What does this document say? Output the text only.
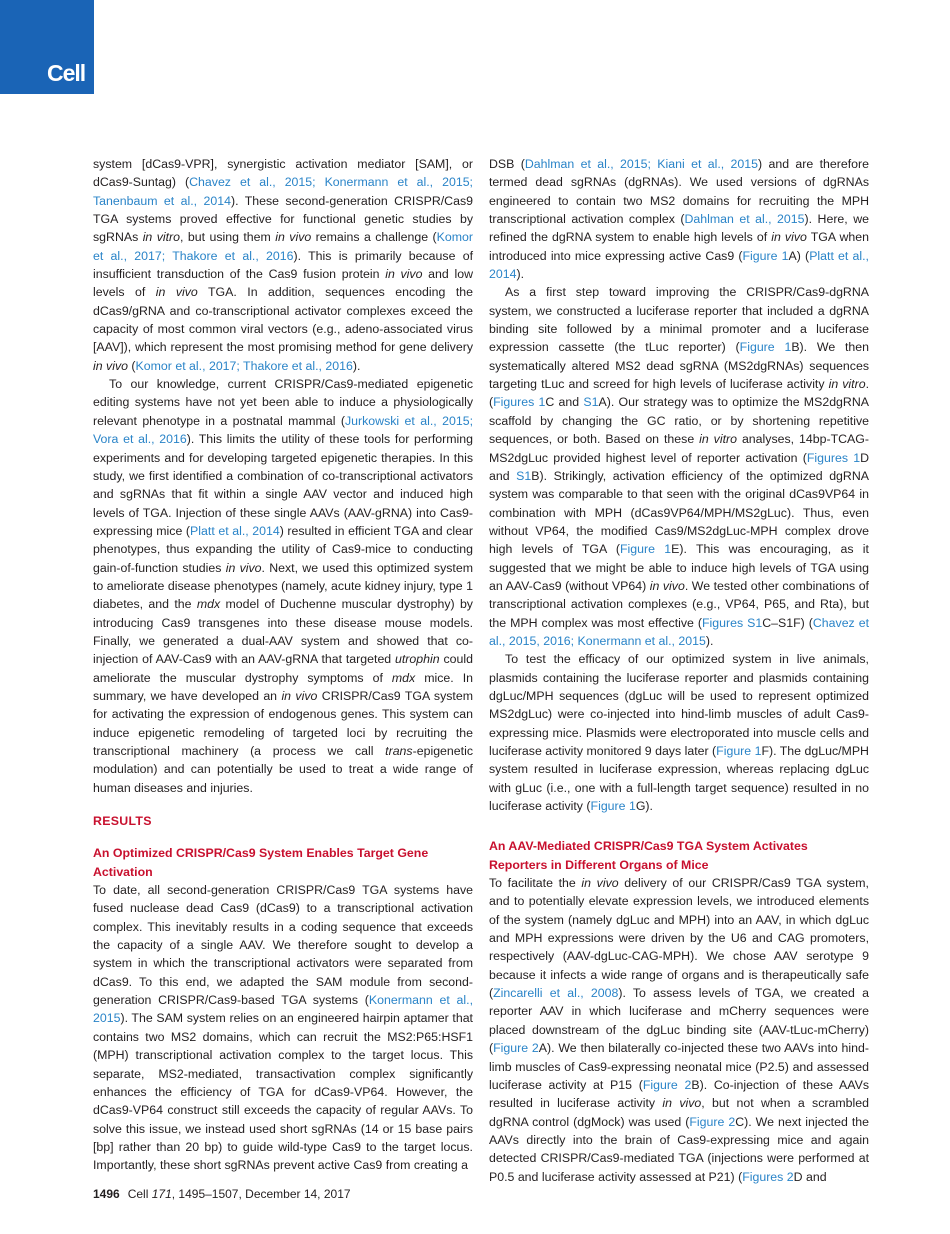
Cell

system [dCas9-VPR], synergistic activation mediator [SAM], or dCas9-Suntag) (Chavez et al., 2015; Konermann et al., 2015; Tanenbaum et al., 2014). These second-generation CRISPR/Cas9 TGA systems proved effective for functional genetic studies by sgRNAs in vitro, but using them in vivo remains a challenge (Komor et al., 2017; Thakore et al., 2016). This is primarily because of insufficient transduction of the Cas9 fusion protein in vivo and low levels of in vivo TGA. In addition, sequences encoding the dCas9/gRNA and co-transcriptional activator complexes exceed the capacity of most common viral vectors (e.g., adeno-associated virus [AAV]), which represent the most promising method for gene delivery in vivo (Komor et al., 2017; Thakore et al., 2016).

To our knowledge, current CRISPR/Cas9-mediated epigenetic editing systems have not yet been able to induce a physiologically relevant phenotype in a postnatal mammal (Jurkowski et al., 2015; Vora et al., 2016). This limits the utility of these tools for performing experiments and for developing targeted epigenetic therapies. In this study, we first identified a combination of co-transcriptional activators and sgRNAs that fit within a single AAV vector and induced high levels of TGA. Injection of these single AAVs (AAV-gRNA) into Cas9-expressing mice (Platt et al., 2014) resulted in efficient TGA and clear phenotypes, thus expanding the utility of Cas9-mice to conducting gain-of-function studies in vivo. Next, we used this optimized system to ameliorate disease phenotypes (namely, acute kidney injury, type 1 diabetes, and the mdx model of Duchenne muscular dystrophy) by introducing Cas9 transgenes into these disease mouse models. Finally, we generated a dual-AAV system and showed that co-injection of AAV-Cas9 with an AAV-gRNA that targeted utrophin could ameliorate the muscular dystrophy symptoms of mdx mice. In summary, we have developed an in vivo CRISPR/Cas9 TGA system for activating the expression of endogenous genes. This system can induce epigenetic remodeling of targeted loci by recruiting the transcriptional machinery (a process we call trans-epigenetic modulation) and can potentially be used to treat a wide range of human diseases and injuries.

RESULTS
An Optimized CRISPR/Cas9 System Enables Target Gene Activation

To date, all second-generation CRISPR/Cas9 TGA systems have fused nuclease dead Cas9 (dCas9) to a transcriptional activation complex. This inevitably results in a coding sequence that exceeds the capacity of a single AAV. We therefore sought to develop a system in which the transcriptional activators were separated from dCas9. To this end, we adapted the SAM module from second-generation CRISPR/Cas9-based TGA systems (Konermann et al., 2015). The SAM system relies on an engineered hairpin aptamer that contains two MS2 domains, which can recruit the MS2:P65:HSF1 (MPH) transcriptional activation complex to the target locus. This separate, MS2-mediated, transactivation complex significantly enhances the efficiency of TGA for dCas9-VP64. However, the dCas9-VP64 construct still exceeds the capacity of regular AAVs. To solve this issue, we instead used short sgRNAs (14 or 15 base pairs [bp] rather than 20 bp) to guide wild-type Cas9 to the target locus. Importantly, these short sgRNAs prevent active Cas9 from creating a

DSB (Dahlman et al., 2015; Kiani et al., 2015) and are therefore termed dead sgRNAs (dgRNAs). We used versions of dgRNAs engineered to contain two MS2 domains for recruiting the MPH transcriptional activation complex (Dahlman et al., 2015). Here, we refined the dgRNA system to enable high levels of in vivo TGA when introduced into mice expressing active Cas9 (Figure 1A) (Platt et al., 2014).

As a first step toward improving the CRISPR/Cas9-dgRNA system, we constructed a luciferase reporter that included a dgRNA binding site followed by a minimal promoter and a luciferase expression cassette (the tLuc reporter) (Figure 1B). We then systematically altered MS2 dead sgRNA (MS2dgRNAs) sequences targeting tLuc and screed for high levels of luciferase activity in vitro. (Figures 1C and S1A). Our strategy was to optimize the MS2dgRNA scaffold by changing the GC ratio, or by shortening repetitive sequences, or both. Based on these in vitro analyses, 14bp-TCAG-MS2dgLuc provided highest level of reporter activation (Figures 1D and S1B). Strikingly, activation efficiency of the optimized dgRNA system was comparable to that seen with the original dCas9VP64 in combination with MPH (dCas9VP64/MPH/MS2gLuc). Thus, even without VP64, the modified Cas9/MS2dgLuc-MPH complex drove high levels of TGA (Figure 1E). This was encouraging, as it suggested that we might be able to induce high levels of TGA using an AAV-Cas9 (without VP64) in vivo. We tested other combinations of transcriptional activation complexes (e.g., VP64, P65, and Rta), but the MPH complex was most effective (Figures S1C–S1F) (Chavez et al., 2015, 2016; Konermann et al., 2015).

To test the efficacy of our optimized system in live animals, plasmids containing the luciferase reporter and plasmids containing dgLuc/MPH sequences (dgLuc will be used to represent optimized MS2dgLuc) were co-injected into hind-limb muscles of adult Cas9-expressing mice. Plasmids were electroporated into muscle cells and luciferase activity monitored 9 days later (Figure 1F). The dgLuc/MPH system resulted in luciferase expression, whereas replacing dgLuc with gLuc (i.e., one with a full-length target sequence) resulted in no luciferase activity (Figure 1G).

An AAV-Mediated CRISPR/Cas9 TGA System Activates Reporters in Different Organs of Mice

To facilitate the in vivo delivery of our CRISPR/Cas9 TGA system, and to potentially elevate expression levels, we introduced elements of the system (namely dgLuc and MPH) into an AAV, in which dgLuc and MPH expressions were driven by the U6 and CAG promoters, respectively (AAV-dgLuc-CAG-MPH). We chose AAV serotype 9 because it infects a wide range of organs and is therapeutically safe (Zincarelli et al., 2008). To assess levels of TGA, we created a reporter AAV in which luciferase and mCherry sequences were placed downstream of the dgLuc binding site (AAV-tLuc-mCherry) (Figure 2A). We then bilaterally co-injected these two AAVs into hind-limb muscles of Cas9-expressing neonatal mice (P2.5) and assessed luciferase activity at P15 (Figure 2B). Co-injection of these AAVs resulted in luciferase activity in vivo, but not when a scrambled dgRNA control (dgMock) was used (Figure 2C). We next injected the AAVs directly into the brain of Cas9-expressing mice and again detected CRISPR/Cas9-mediated TGA (injections were performed at P0.5 and luciferase activity assessed at P21) (Figures 2D and

1496 Cell 171, 1495–1507, December 14, 2017
